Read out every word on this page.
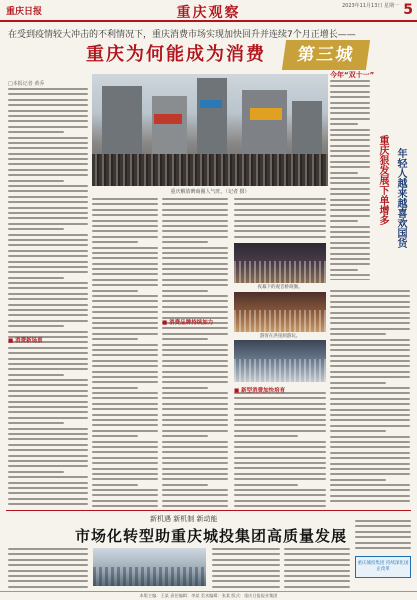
重庆日报	重庆观察	2023年11月13日 星期一 5
在受到疫情较大冲击的不利情况下，重庆消费市场实现加快回升并连续7个月正增长——
重庆为何能成为消费	第三城
□本报记者 黄乔
■ 消费新场景
■ 消费品牌持续加力
■ 新型消费加快培育
重庆解放碑商圈人气旺。（记者 摄）
今年“双十一”
重庆狠发展下单增多 年轻人越来越喜欢国货
夜幕下的观音桥商圈。
游客在洪崖洞游玩。
新机遇 新机制 新动能
市场化转型助重庆城投集团高质量发展
重庆城投集团 持续深化国企改革
本版主编：王某 责任编辑：李某 美术编辑：张某 版式：重庆日报报业集团
